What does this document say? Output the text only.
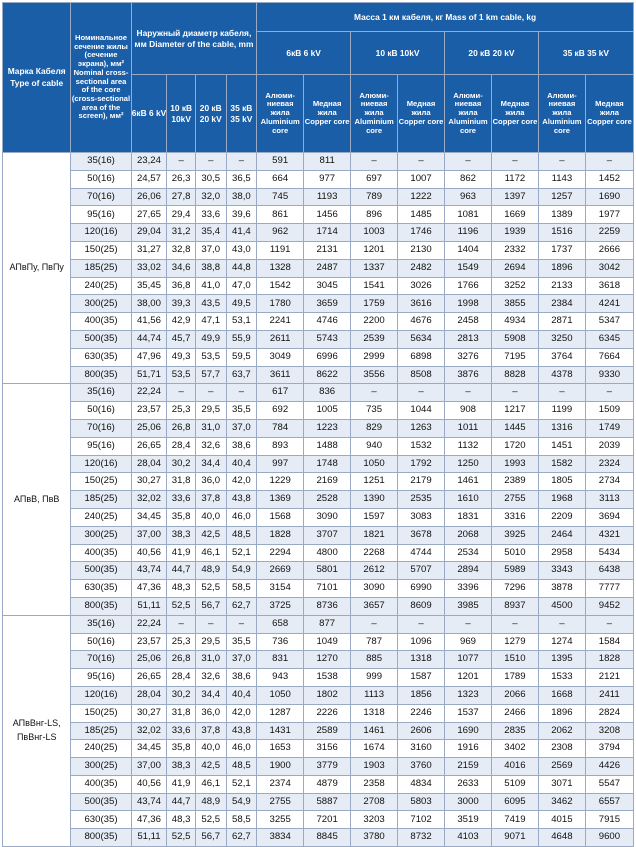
Марка Кабеля Type of cable	Номинальное сечение жилы (сечение экрана), мм² Nominal cross-sectional area of the core (cross-sectional area of the screen), мм²	Наружный диаметр кабеля, мм Diameter of the cable, mm				Масса 1 км кабеля, кг Mass of 1 km cable, kg							
						6кВ 6 kV		10 кВ 10kV		20 кВ 20 kV		35 кВ 35 kV	
		6кВ 6 kV	10 кВ 10kV	20 кВ 20 kV	35 кВ 35 kV	Алюми-ниевая жила Aluminium core	Медная жила Copper core	Алюми-ниевая жила Aluminium core	Медная жила Copper core	Алюми-ниевая жила Aluminium core	Медная жила Copper core	Алюми-ниевая жила Aluminium core	Медная жила Copper core
АПвПу, ПвПу	35(16)	23,24	–	–	–	591	811	–	–	–	–	–	–
	50(16)	24,57	26,3	30,5	36,5	664	977	697	1007	862	1172	1143	1452
	70(16)	26,06	27,8	32,0	38,0	745	1193	789	1222	963	1397	1257	1690
	95(16)	27,65	29,4	33,6	39,6	861	1456	896	1485	1081	1669	1389	1977
	120(16)	29,04	31,2	35,4	41,4	962	1714	1003	1746	1196	1939	1516	2259
	150(25)	31,27	32,8	37,0	43,0	1191	2131	1201	2130	1404	2332	1737	2666
	185(25)	33,02	34,6	38,8	44,8	1328	2487	1337	2482	1549	2694	1896	3042
	240(25)	35,45	36,8	41,0	47,0	1542	3045	1541	3026	1766	3252	2133	3618
	300(25)	38,00	39,3	43,5	49,5	1780	3659	1759	3616	1998	3855	2384	4241
	400(35)	41,56	42,9	47,1	53,1	2241	4746	2200	4676	2458	4934	2871	5347
	500(35)	44,74	45,7	49,9	55,9	2611	5743	2539	5634	2813	5908	3250	6345
	630(35)	47,96	49,3	53,5	59,5	3049	6996	2999	6898	3276	7195	3764	7664
	800(35)	51,71	53,5	57,7	63,7	3611	8622	3556	8508	3876	8828	4378	9330
АПвВ, ПвВ	35(16)	22,24	–	–	–	617	836	–	–	–	–	–	–
	50(16)	23,57	25,3	29,5	35,5	692	1005	735	1044	908	1217	1199	1509
	70(16)	25,06	26,8	31,0	37,0	784	1223	829	1263	1011	1445	1316	1749
	95(16)	26,65	28,4	32,6	38,6	893	1488	940	1532	1132	1720	1451	2039
	120(16)	28,04	30,2	34,4	40,4	997	1748	1050	1792	1250	1993	1582	2324
	150(25)	30,27	31,8	36,0	42,0	1229	2169	1251	2179	1461	2389	1805	2734
	185(25)	32,02	33,6	37,8	43,8	1369	2528	1390	2535	1610	2755	1968	3113
	240(25)	34,45	35,8	40,0	46,0	1568	3090	1597	3083	1831	3316	2209	3694
	300(25)	37,00	38,3	42,5	48,5	1828	3707	1821	3678	2068	3925	2464	4321
	400(35)	40,56	41,9	46,1	52,1	2294	4800	2268	4744	2534	5010	2958	5434
	500(35)	43,74	44,7	48,9	54,9	2669	5801	2612	5707	2894	5989	3343	6438
	630(35)	47,36	48,3	52,5	58,5	3154	7101	3090	6990	3396	7296	3878	7777
	800(35)	51,11	52,5	56,7	62,7	3725	8736	3657	8609	3985	8937	4500	9452
АПвВнг-LS, ПвВнг-LS	35(16)	22,24	–	–	–	658	877	–	–	–	–	–	–
	50(16)	23,57	25,3	29,5	35,5	736	1049	787	1096	969	1279	1274	1584
	70(16)	25,06	26,8	31,0	37,0	831	1270	885	1318	1077	1510	1395	1828
	95(16)	26,65	28,4	32,6	38,6	943	1538	999	1587	1201	1789	1533	2121
	120(16)	28,04	30,2	34,4	40,4	1050	1802	1113	1856	1323	2066	1668	2411
	150(25)	30,27	31,8	36,0	42,0	1287	2226	1318	2246	1537	2466	1896	2824
	185(25)	32,02	33,6	37,8	43,8	1431	2589	1461	2606	1690	2835	2062	3208
	240(25)	34,45	35,8	40,0	46,0	1653	3156	1674	3160	1916	3402	2308	3794
	300(25)	37,00	38,3	42,5	48,5	1900	3779	1903	3760	2159	4016	2569	4426
	400(35)	40,56	41,9	46,1	52,1	2374	4879	2358	4834	2633	5109	3071	5547
	500(35)	43,74	44,7	48,9	54,9	2755	5887	2708	5803	3000	6095	3462	6557
	630(35)	47,36	48,3	52,5	58,5	3255	7201	3203	7102	3519	7419	4015	7915
	800(35)	51,11	52,5	56,7	62,7	3834	8845	3780	8732	4103	9071	4648	9600
